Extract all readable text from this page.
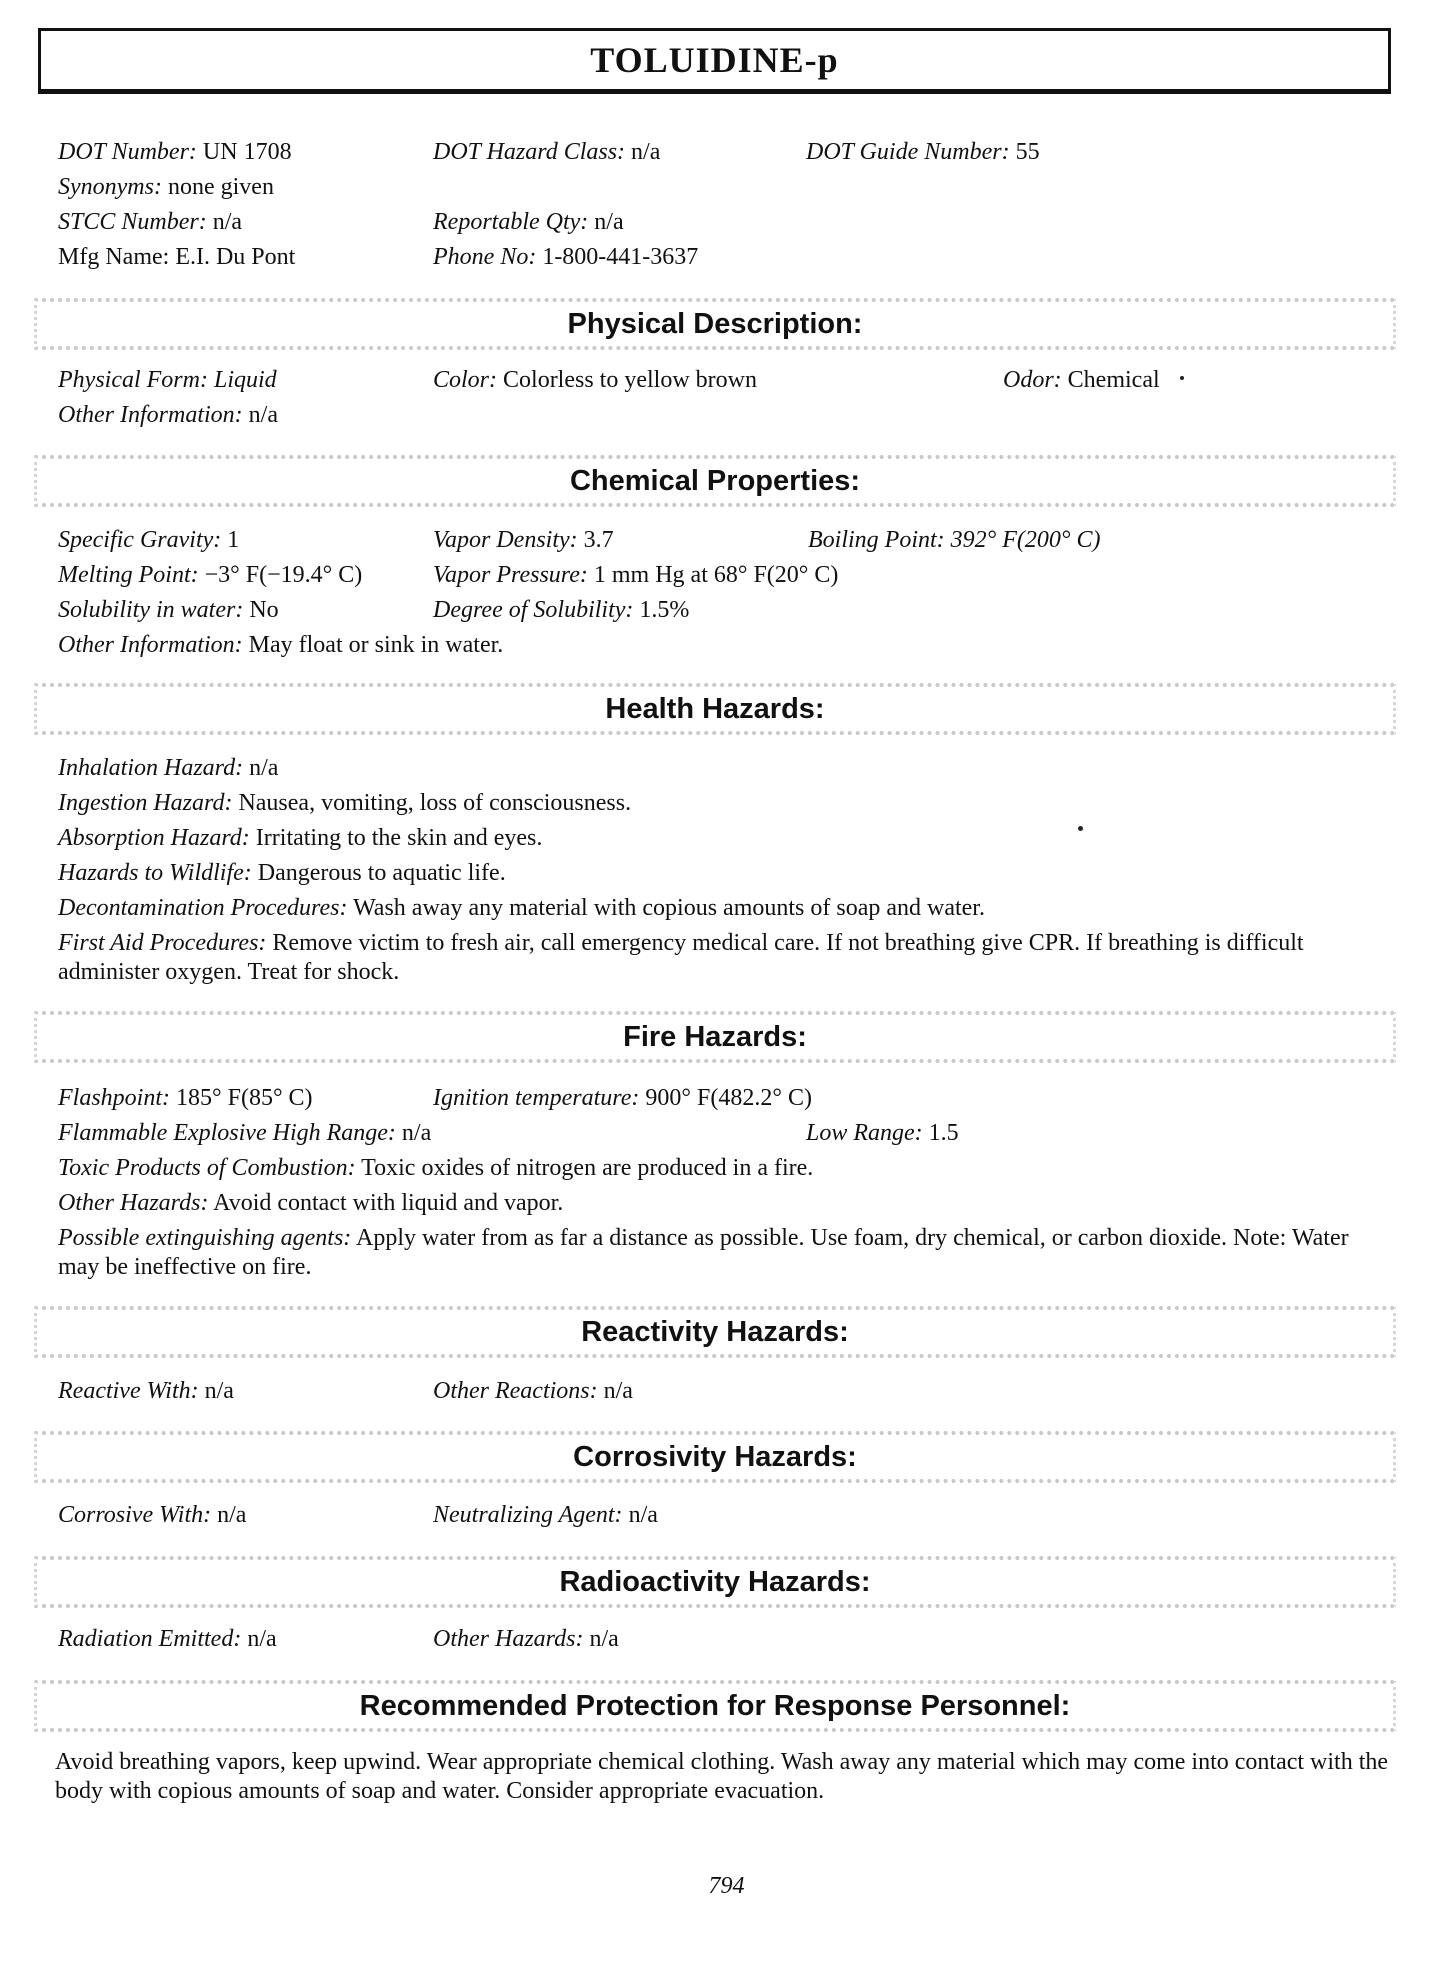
TOLUIDINE-p
DOT Number: UN 1708	DOT Hazard Class: n/a	DOT Guide Number: 55
Synonyms: none given
STCC Number: n/a	Reportable Qty: n/a
Mfg Name: E.I. Du Pont	Phone No: 1-800-441-3637
Physical Description:
Physical Form: Liquid	Color: Colorless to yellow brown	Odor: Chemical
Other Information: n/a
Chemical Properties:
Specific Gravity: 1	Vapor Density: 3.7	Boiling Point: 392° F(200° C)
Melting Point: −3° F(−19.4° C)	Vapor Pressure: 1 mm Hg at 68° F(20° C)
Solubility in water: No	Degree of Solubility: 1.5%
Other Information: May float or sink in water.
Health Hazards:
Inhalation Hazard: n/a
Ingestion Hazard: Nausea, vomiting, loss of consciousness.
Absorption Hazard: Irritating to the skin and eyes.
Hazards to Wildlife: Dangerous to aquatic life.
Decontamination Procedures: Wash away any material with copious amounts of soap and water.
First Aid Procedures: Remove victim to fresh air, call emergency medical care. If not breathing give CPR. If breathing is difficult administer oxygen. Treat for shock.
Fire Hazards:
Flashpoint: 185° F(85° C)	Ignition temperature: 900° F(482.2° C)
Flammable Explosive High Range: n/a	Low Range: 1.5
Toxic Products of Combustion: Toxic oxides of nitrogen are produced in a fire.
Other Hazards: Avoid contact with liquid and vapor.
Possible extinguishing agents: Apply water from as far a distance as possible. Use foam, dry chemical, or carbon dioxide. Note: Water may be ineffective on fire.
Reactivity Hazards:
Reactive With: n/a	Other Reactions: n/a
Corrosivity Hazards:
Corrosive With: n/a	Neutralizing Agent: n/a
Radioactivity Hazards:
Radiation Emitted: n/a	Other Hazards: n/a
Recommended Protection for Response Personnel:
Avoid breathing vapors, keep upwind. Wear appropriate chemical clothing. Wash away any material which may come into contact with the body with copious amounts of soap and water. Consider appropriate evacuation.
794
